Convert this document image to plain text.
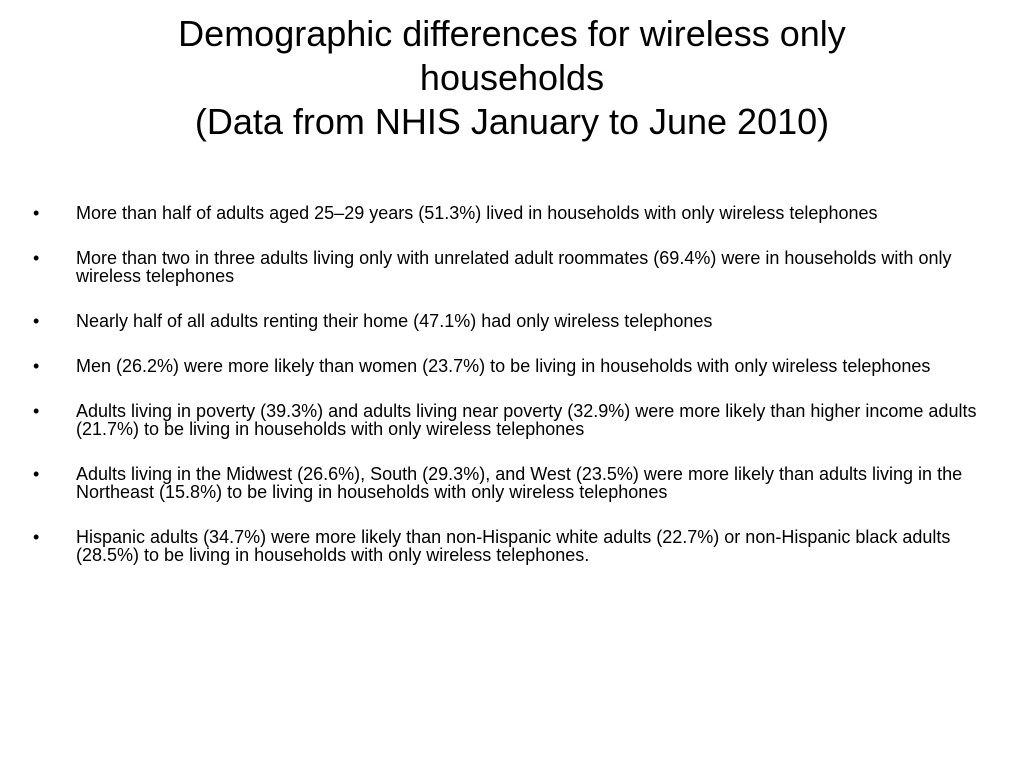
Demographic differences for wireless only
households
(Data from NHIS January to June 2010)
•	More than half of adults aged 25–29 years (51.3%) lived in households with only wireless telephones
•	More than two in three adults living only with unrelated adult roommates (69.4%) were in households with only wireless telephones
•	Nearly half of all adults renting their home (47.1%) had only wireless telephones
•	Men (26.2%) were more likely than women (23.7%) to be living in households with only wireless telephones
•	Adults living in poverty (39.3%) and adults living near poverty (32.9%) were more likely than higher income adults (21.7%) to be living in households with only wireless telephones
•	Adults living in the Midwest (26.6%), South (29.3%), and West (23.5%) were more likely than adults living in the Northeast (15.8%) to be living in households with only wireless telephones
•	Hispanic adults (34.7%) were more likely than non-Hispanic white adults (22.7%) or non-Hispanic black adults (28.5%) to be living in households with only wireless telephones.
